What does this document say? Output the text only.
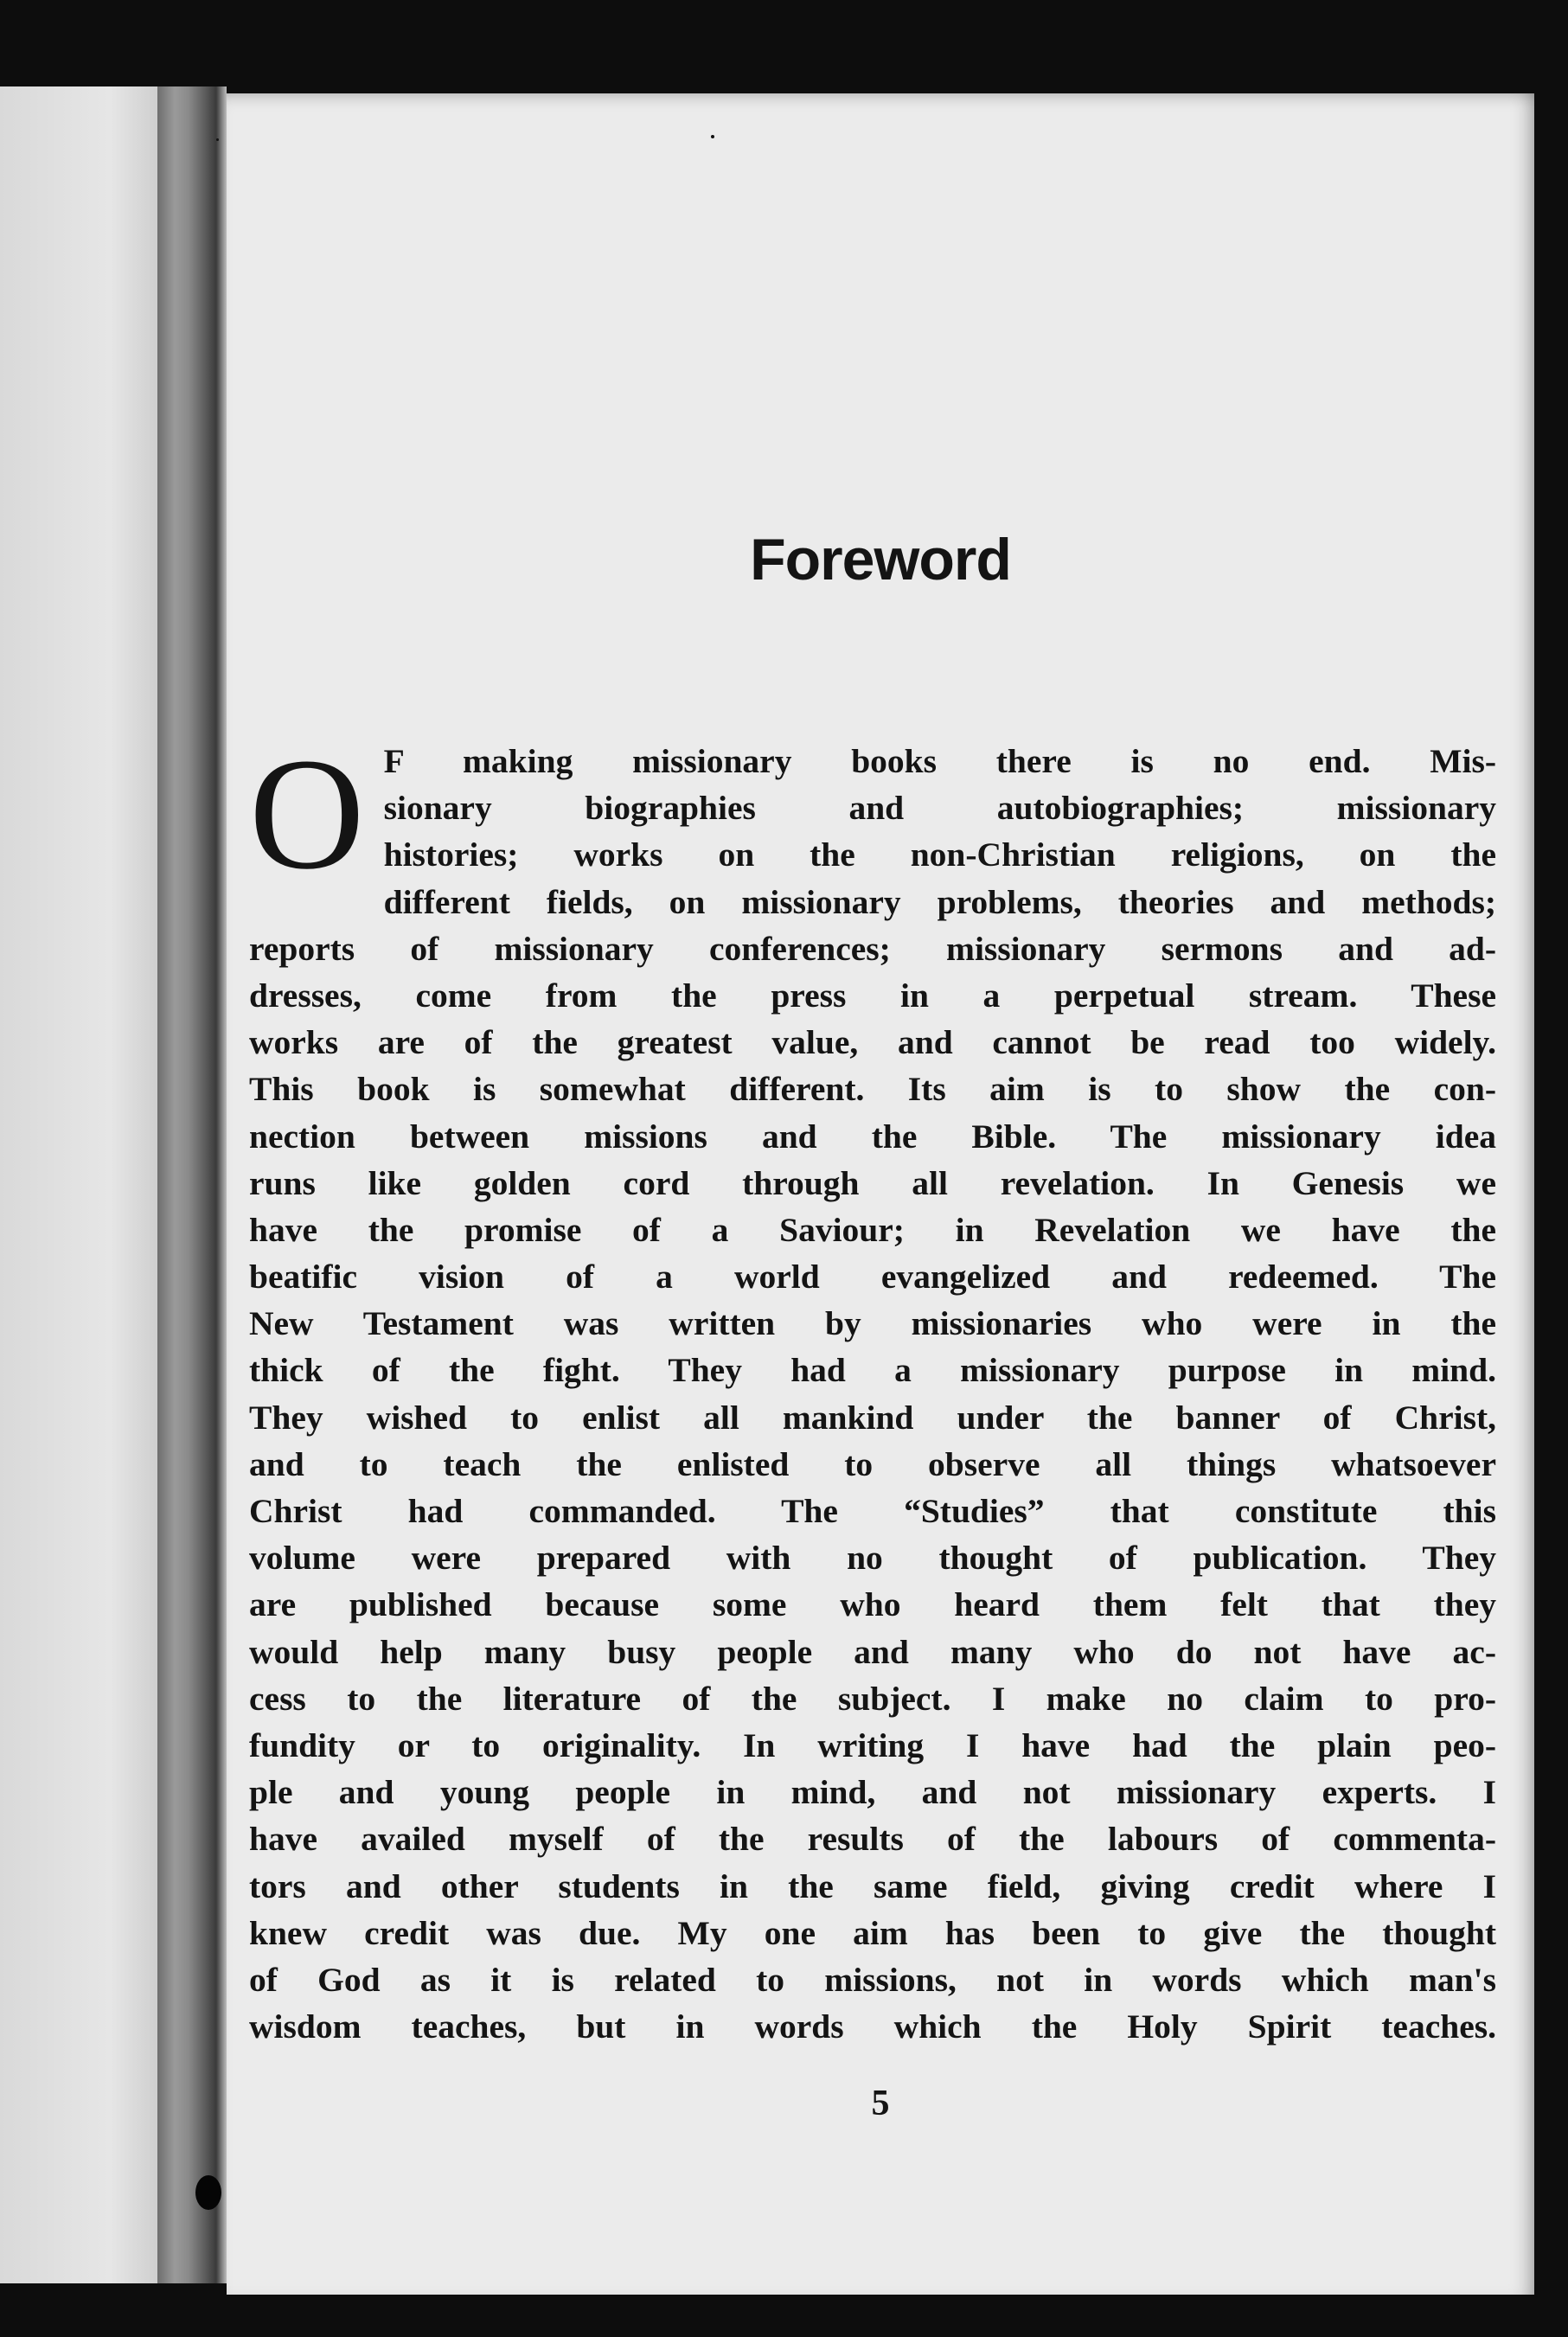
Foreword
O F making missionary books there is no end. Mis-
sionary biographies and autobiographies; missionary
histories; works on the non-Christian religions, on the
different fields, on missionary problems, theories and methods;
reports of missionary conferences; missionary sermons and ad-
dresses, come from the press in a perpetual stream. These
works are of the greatest value, and cannot be read too widely.
This book is somewhat different. Its aim is to show the con-
nection between missions and the Bible. The missionary idea
runs like golden cord through all revelation. In Genesis we
have the promise of a Saviour; in Revelation we have the
beatific vision of a world evangelized and redeemed. The
New Testament was written by missionaries who were in the
thick of the fight. They had a missionary purpose in mind.
They wished to enlist all mankind under the banner of Christ,
and to teach the enlisted to observe all things whatsoever
Christ had commanded. The “Studies” that constitute this
volume were prepared with no thought of publication. They
are published because some who heard them felt that they
would help many busy people and many who do not have ac-
cess to the literature of the subject. I make no claim to pro-
fundity or to originality. In writing I have had the plain peo-
ple and young people in mind, and not missionary experts. I
have availed myself of the results of the labours of commenta-
tors and other students in the same field, giving credit where I
knew credit was due. My one aim has been to give the thought
of God as it is related to missions, not in words which man's
wisdom teaches, but in words which the Holy Spirit teaches.
5
